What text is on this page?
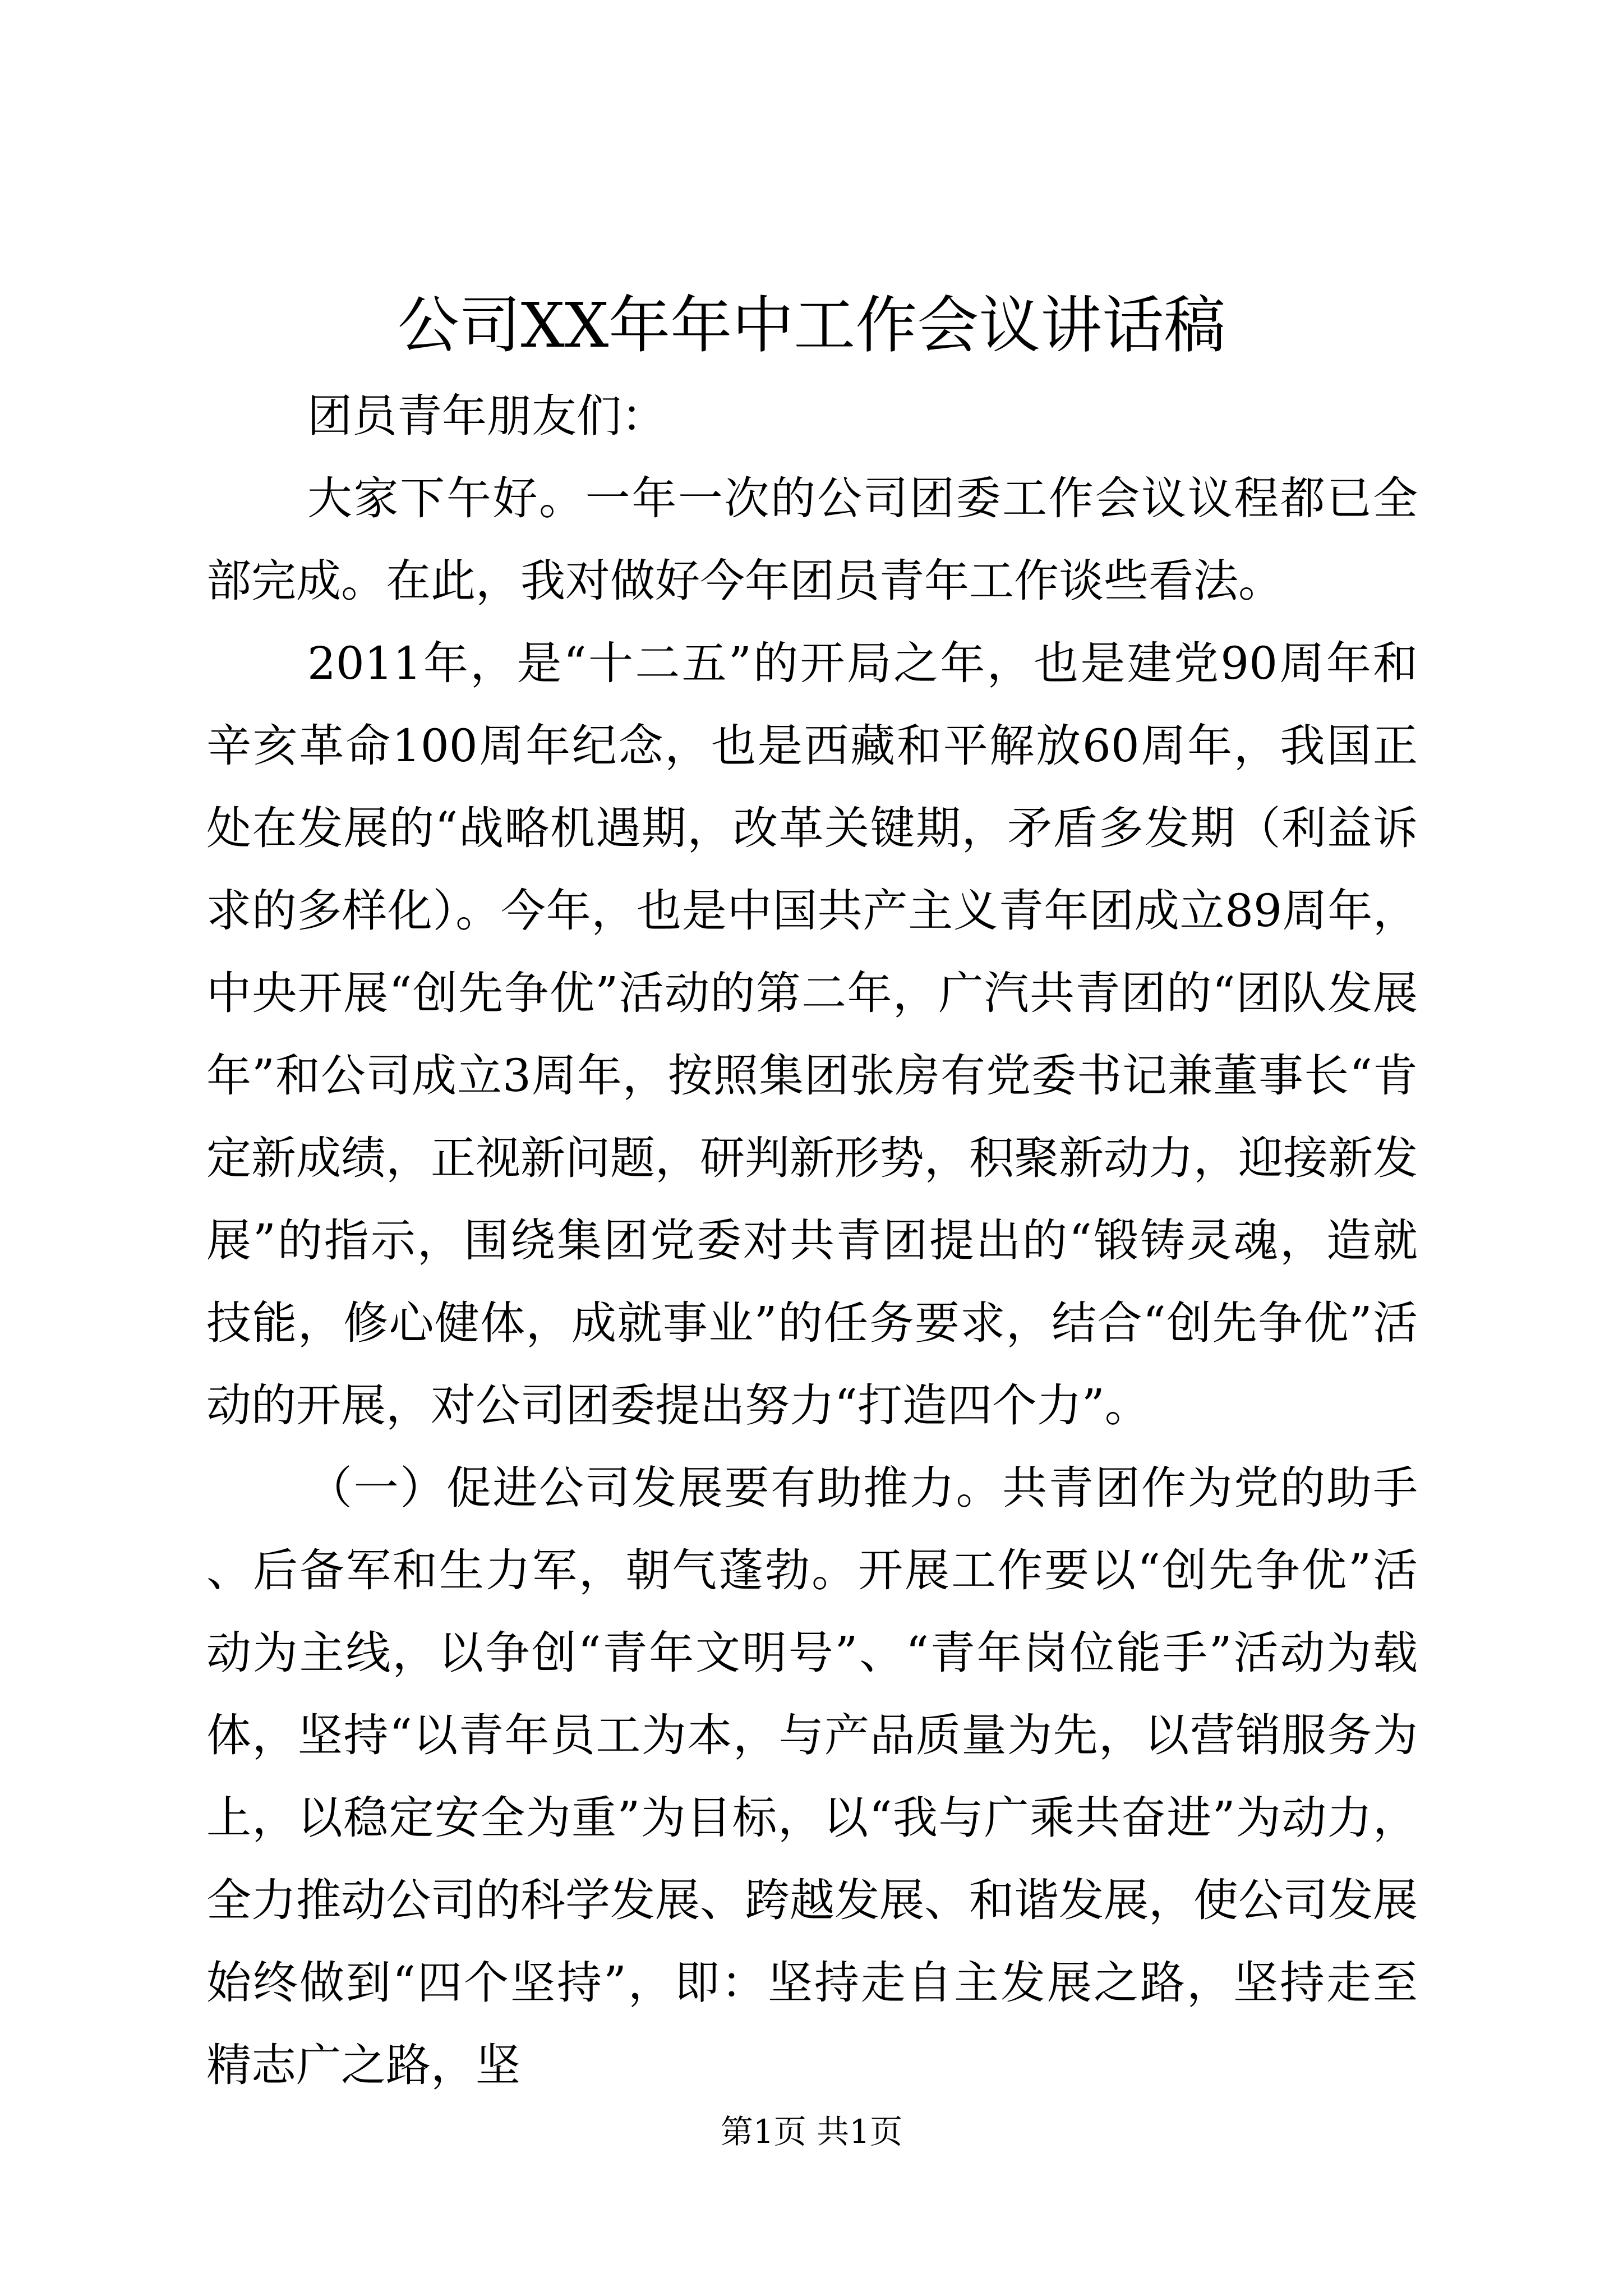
公司XX年年中工作会议讲话稿

团员青年朋友们：

大家下午好。一年一次的公司团委工作会议议程都已全部完成。在此，我对做好今年团员青年工作谈些看法。

2011年，是“十二五”的开局之年，也是建党90周年和辛亥革命100周年纪念，也是西藏和平解放60周年，我国正处在发展的“战略机遇期，改革关键期，矛盾多发期（利益诉求的多样化）。今年，也是中国共产主义青年团成立89周年，中央开展“创先争优”活动的第二年，广汽共青团的“团队发展年”和公司成立3周年，按照集团张房有党委书记兼董事长“肯定新成绩，正视新问题，研判新形势，积聚新动力，迎接新发展”的指示，围绕集团党委对共青团提出的“锻铸灵魂，造就技能，修心健体，成就事业”的任务要求，结合“创先争优”活动的开展，对公司团委提出努力“打造四个力”。

（一）促进公司发展要有助推力。共青团作为党的助手、后备军和生力军，朝气蓬勃。开展工作要以“创先争优”活动为主线，以争创“青年文明号”、“青年岗位能手”活动为载体，坚持“以青年员工为本，与产品质量为先，以营销服务为上，以稳定安全为重”为目标，以“我与广乘共奋进”为动力，全力推动公司的科学发展、跨越发展、和谐发展，使公司发展始终做到“四个坚持”，即：坚持走自主发展之路，坚持走至精志广之路，坚

第1页 共1页
